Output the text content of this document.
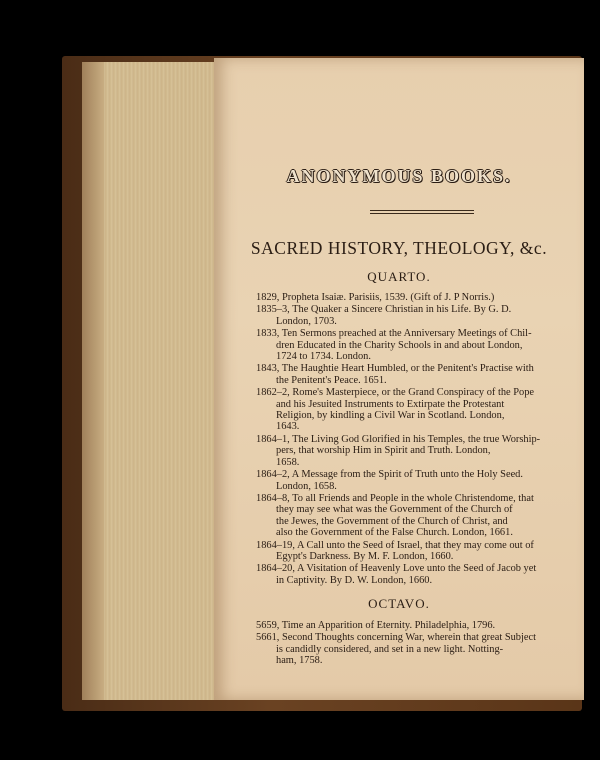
ANONYMOUS BOOKS.
SACRED HISTORY, THEOLOGY, &c.
QUARTO.
1829, Propheta Isaiæ. Parisiis, 1539. (Gift of J. P Norris.)
1835–3, The Quaker a Sincere Christian in his Life. By G. D.
London, 1703.
1833, Ten Sermons preached at the Anniversary Meetings of Chil-
dren Educated in the Charity Schools in and about London,
1724 to 1734. London.
1843, The Haughtie Heart Humbled, or the Penitent's Practise with
the Penitent's Peace. 1651.
1862–2, Rome's Masterpiece, or the Grand Conspiracy of the Pope
and his Jesuited Instruments to Extirpate the Protestant
Religion, by kindling a Civil War in Scotland. London,
1643.
1864–1, The Living God Glorified in his Temples, the true Worship-
pers, that worship Him in Spirit and Truth. London,
1658.
1864–2, A Message from the Spirit of Truth unto the Holy Seed.
London, 1658.
1864–8, To all Friends and People in the whole Christendome, that
they may see what was the Government of the Church of
the Jewes, the Government of the Church of Christ, and
also the Government of the False Church. London, 1661.
1864–19, A Call unto the Seed of Israel, that they may come out of
Egypt's Darkness. By M. F. London, 1660.
1864–20, A Visitation of Heavenly Love unto the Seed of Jacob yet
in Captivity. By D. W. London, 1660.
OCTAVO.
5659, Time an Apparition of Eternity. Philadelphia, 1796.
5661, Second Thoughts concerning War, wherein that great Subject
is candidly considered, and set in a new light. Notting-
ham, 1758.
